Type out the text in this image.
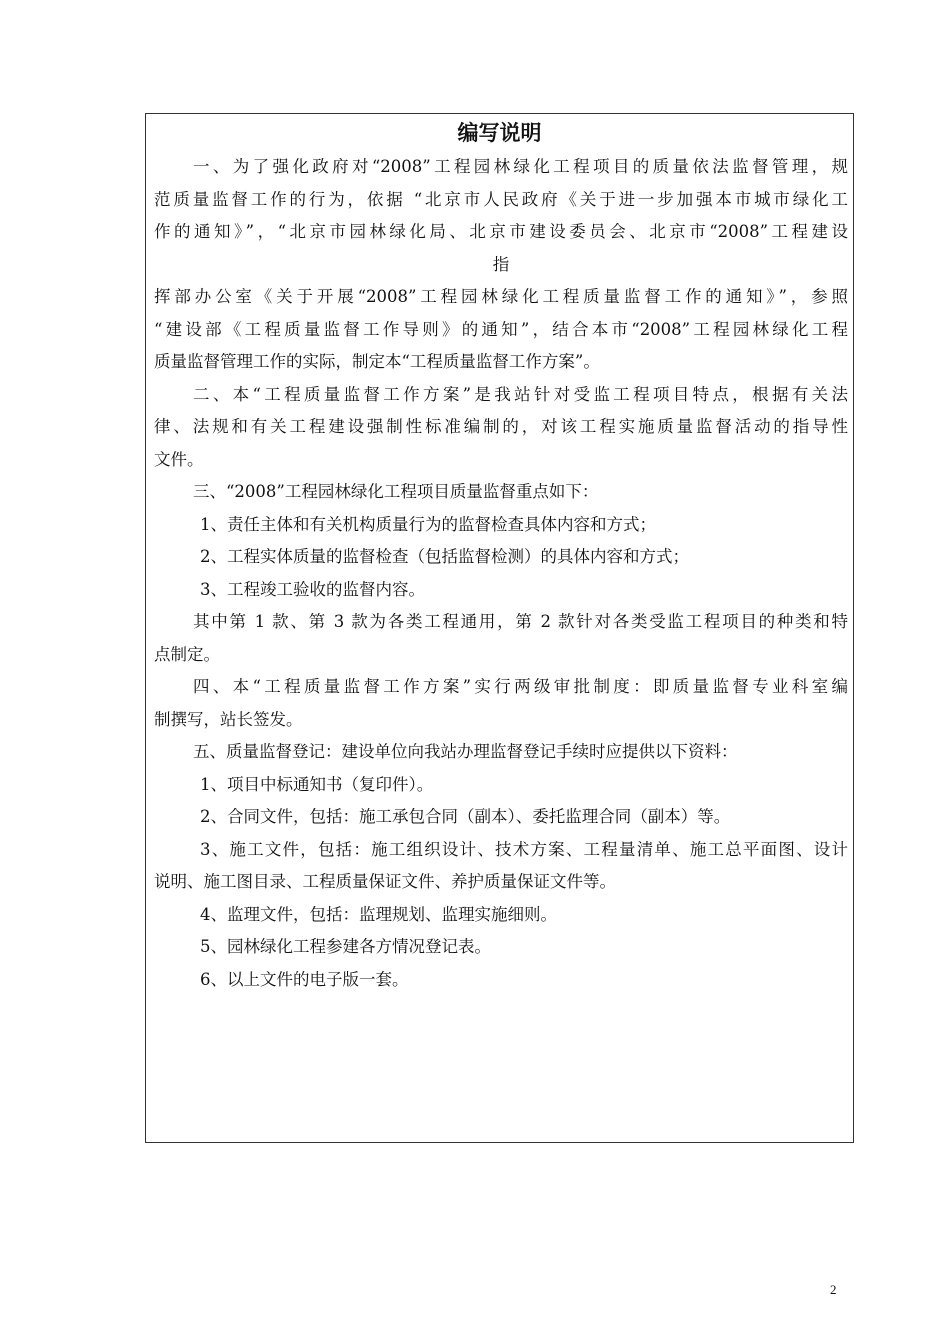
编写说明
一、为了强化政府对“2008”工程园林绿化工程项目的质量依法监督管理，规
范质量监督工作的行为，依据 “北京市人民政府《关于进一步加强本市城市绿化工
作的通知》”，“北京市园林绿化局、北京市建设委员会、北京市“2008”工程建设
指
挥部办公室《关于开展“2008”工程园林绿化工程质量监督工作的通知》”，参照
“建设部《工程质量监督工作导则》的通知”，结合本市“2008”工程园林绿化工程
质量监督管理工作的实际，制定本“工程质量监督工作方案”。
二、本“工程质量监督工作方案”是我站针对受监工程项目特点，根据有关法
律、法规和有关工程建设强制性标准编制的，对该工程实施质量监督活动的指导性
文件。
三、“2008”工程园林绿化工程项目质量监督重点如下：
1、责任主体和有关机构质量行为的监督检查具体内容和方式；
2、工程实体质量的监督检查（包括监督检测）的具体内容和方式；
3、工程竣工验收的监督内容。
其中第 1 款、第 3 款为各类工程通用，第 2 款针对各类受监工程项目的种类和特
点制定。
四、本“工程质量监督工作方案”实行两级审批制度：即质量监督专业科室编
制撰写，站长签发。
五、质量监督登记：建设单位向我站办理监督登记手续时应提供以下资料：
1、项目中标通知书（复印件）。
2、合同文件，包括：施工承包合同（副本）、委托监理合同（副本）等。
3、施工文件，包括：施工组织设计、技术方案、工程量清单、施工总平面图、设计
说明、施工图目录、工程质量保证文件、养护质量保证文件等。
4、监理文件，包括：监理规划、监理实施细则。
5、园林绿化工程参建各方情况登记表。
6、以上文件的电子版一套。
2
